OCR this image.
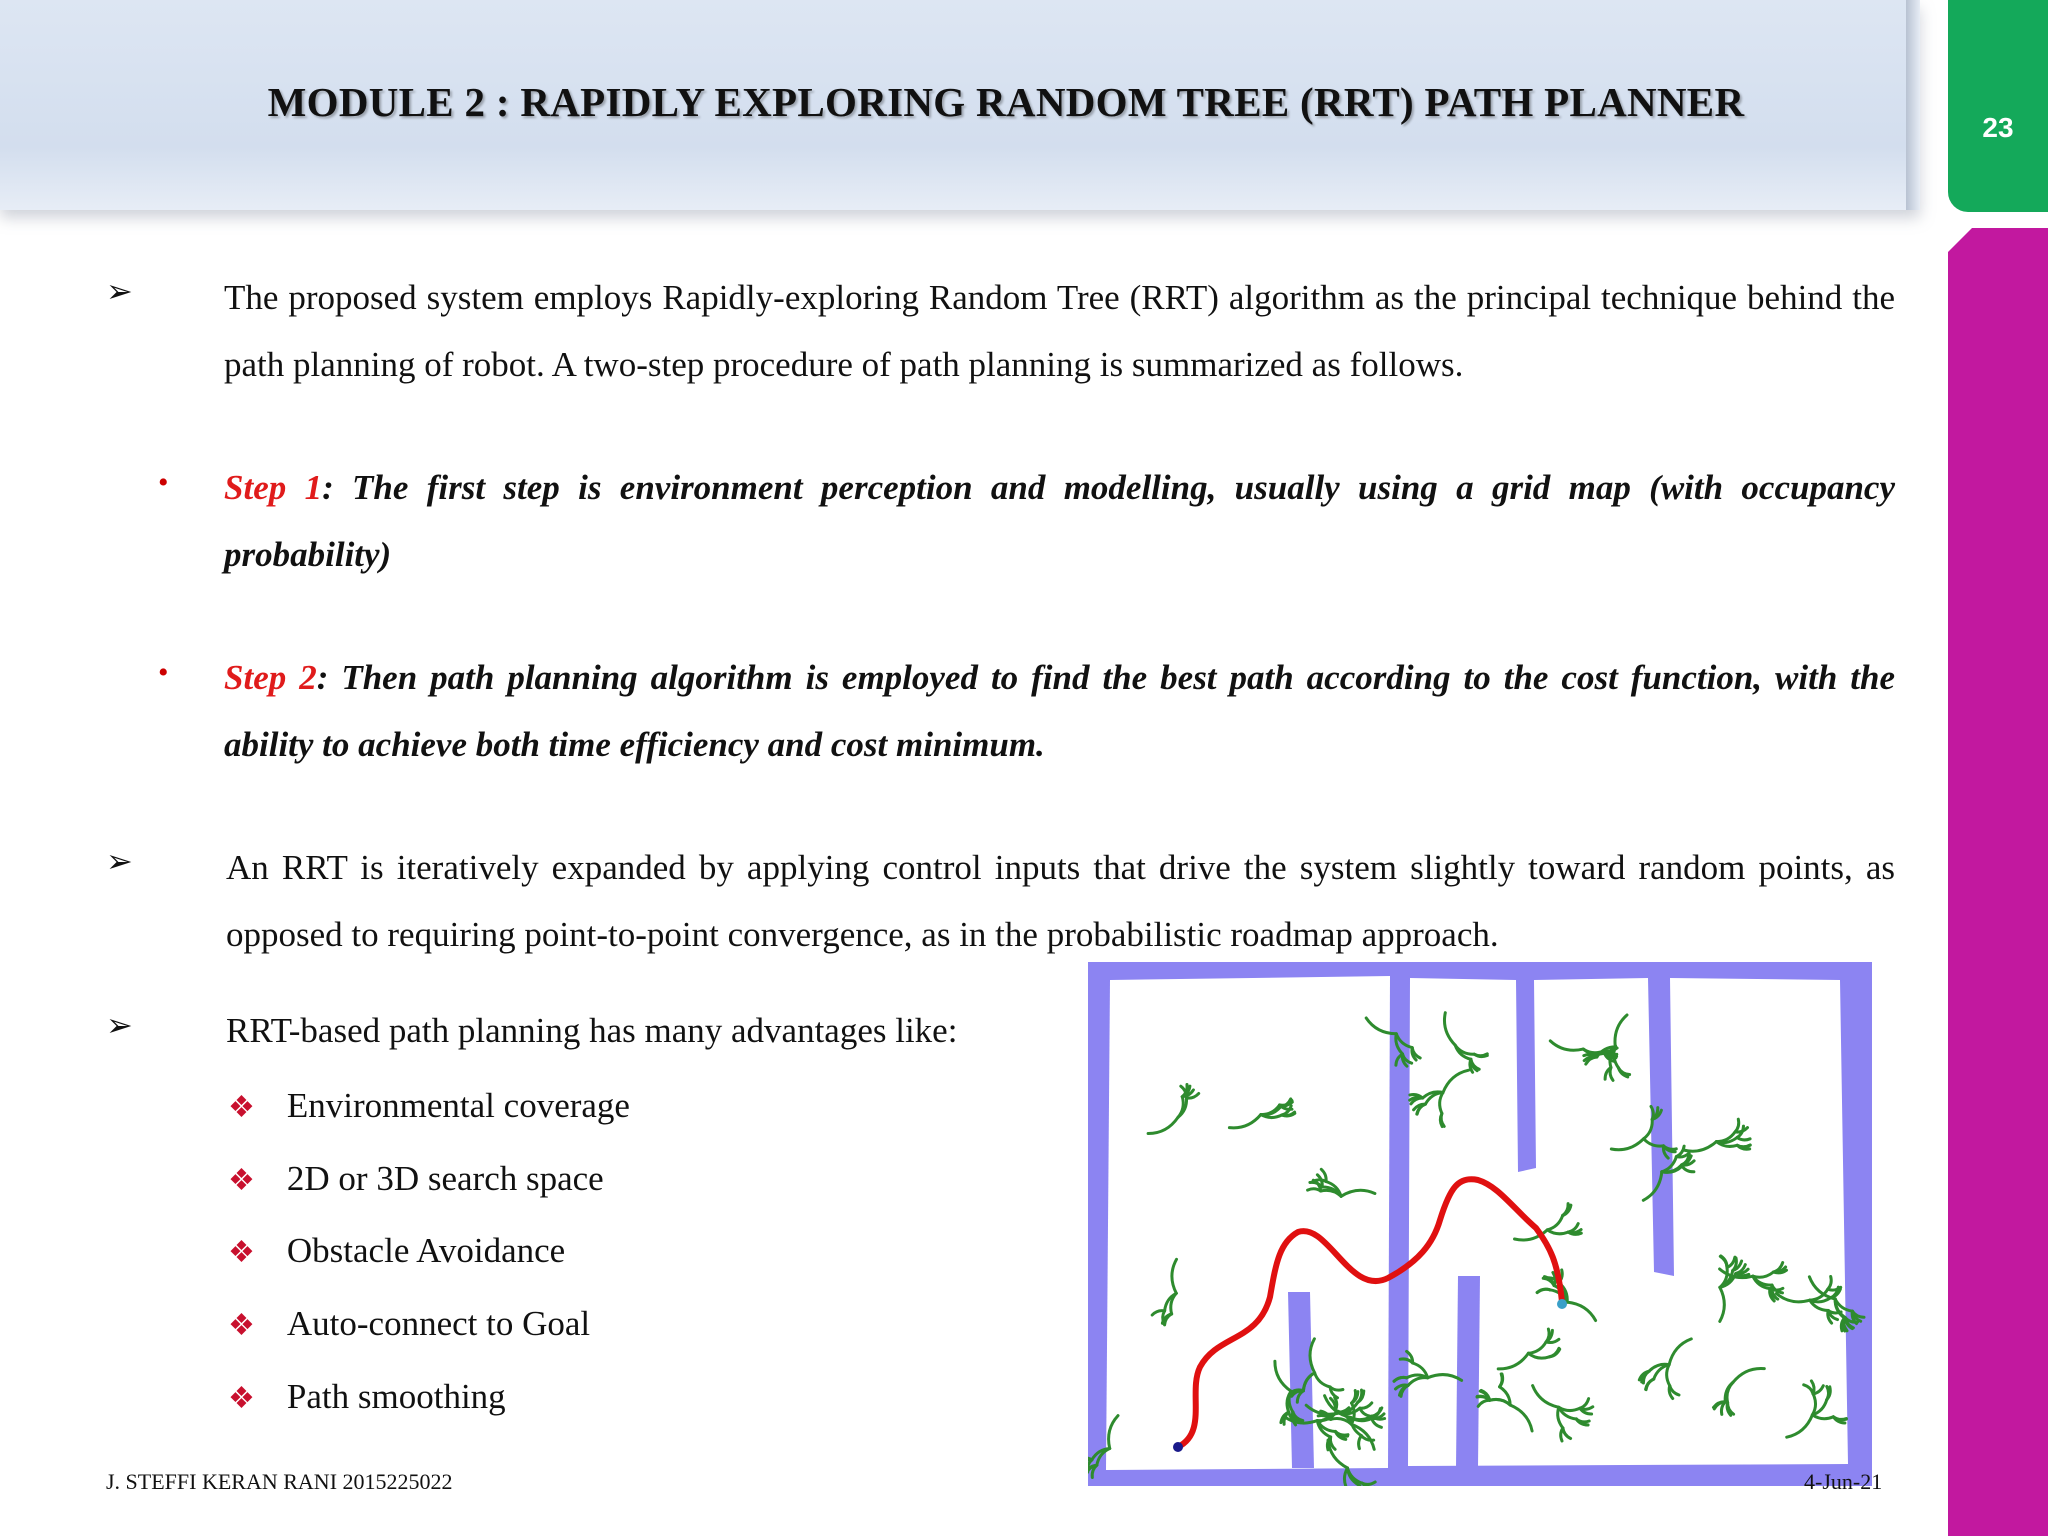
MODULE 2 : RAPIDLY EXPLORING RANDOM TREE (RRT) PATH PLANNER
23
➢	The proposed system employs Rapidly-exploring Random Tree (RRT) algorithm as the principal technique behind the path planning of robot. A two-step procedure of path planning is summarized as follows.
• Step 1: The first step is environment perception and modelling, usually using a grid map (with occupancy probability)
• Step 2: Then path planning algorithm is employed to find the best path according to the cost function, with the ability to achieve both time efficiency and cost minimum.
➢	An RRT is iteratively expanded by applying control inputs that drive the system slightly toward random points, as opposed to requiring point-to-point convergence, as in the probabilistic roadmap approach.
➢	RRT-based path planning has many advantages like:
❖ Environmental coverage
❖ 2D or 3D search space
❖ Obstacle Avoidance
❖ Auto-connect to Goal
❖ Path smoothing
J. STEFFI KERAN RANI 2015225022	4-Jun-21
